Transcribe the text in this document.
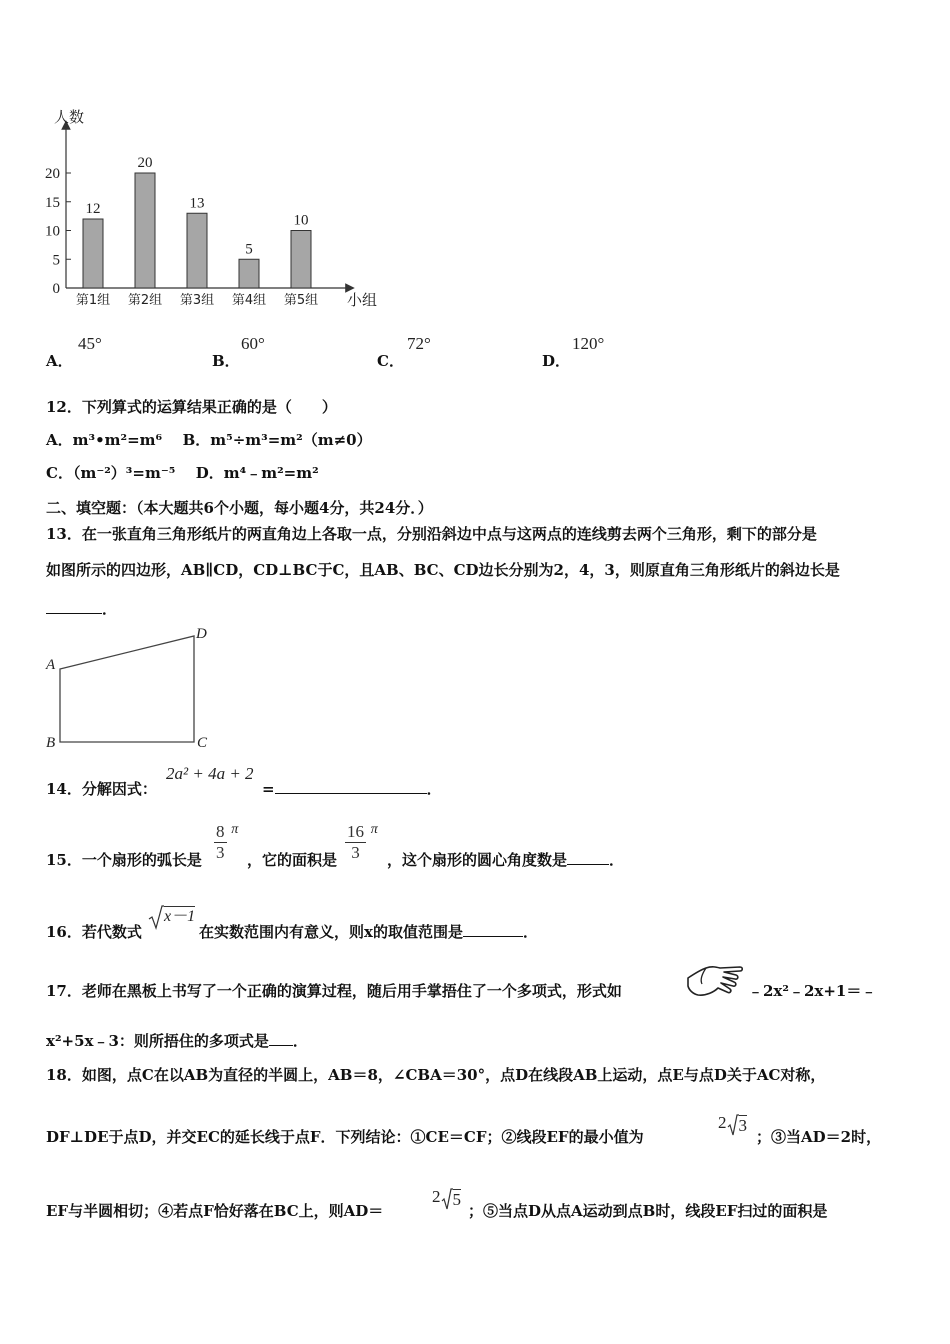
人数
小组
0
5
10
15
20
12
第1组
20
第2组
13
第3组
5
第4组
10
第5组
A．
45°
B．
60°
C．
72°
D．
120°
12．下列算式的运算结果正确的是（　　）
A．m³•m²=m⁶ B．m⁵÷m³=m²（m≠0）
C．（m⁻²）³=m⁻⁵ D．m⁴﹣m²=m²
二、填空题：（本大题共6个小题，每小题4分，共24分．）
13．在一张直角三角形纸片的两直角边上各取一点，分别沿斜边中点与这两点的连线剪去两个三角形，剩下的部分是
如图所示的四边形，AB∥CD，CD⊥BC于C，且AB、BC、CD边长分别为2，4，3，则原直角三角形纸片的斜边长是
．
A
B	C
D
14．分解因式：
2a² + 4a + 2
=	．
15．一个扇形的弧长是 $\frac{8}{3}$ π
，它的面积是 $\frac{16}{3}$ π
，这个扇形的圆心角度数是	．
16．若代数式
x－1
在实数范围内有意义，则x的取值范围是	．
17．老师在黑板上书写了一个正确的演算过程，随后用手掌捂住了一个多项式，形式如	﹣2x²﹣2x+1＝﹣
x²+5x﹣3：则所捂住的多项式是 ．
18．如图，点C在以AB为直径的半圆上，AB＝8，∠CBA＝30°，点D在线段AB上运动，点E与点D关于AC对称，
DF⊥DE于点D，并交EC的延长线于点F．下列结论：①CE＝CF；②线段EF的最小值为
2 3
；③当AD＝2时，
EF与半圆相切；④若点F恰好落在BC上，则AD＝
2 5
；⑤当点D从点A运动到点B时，线段EF扫过的面积是
